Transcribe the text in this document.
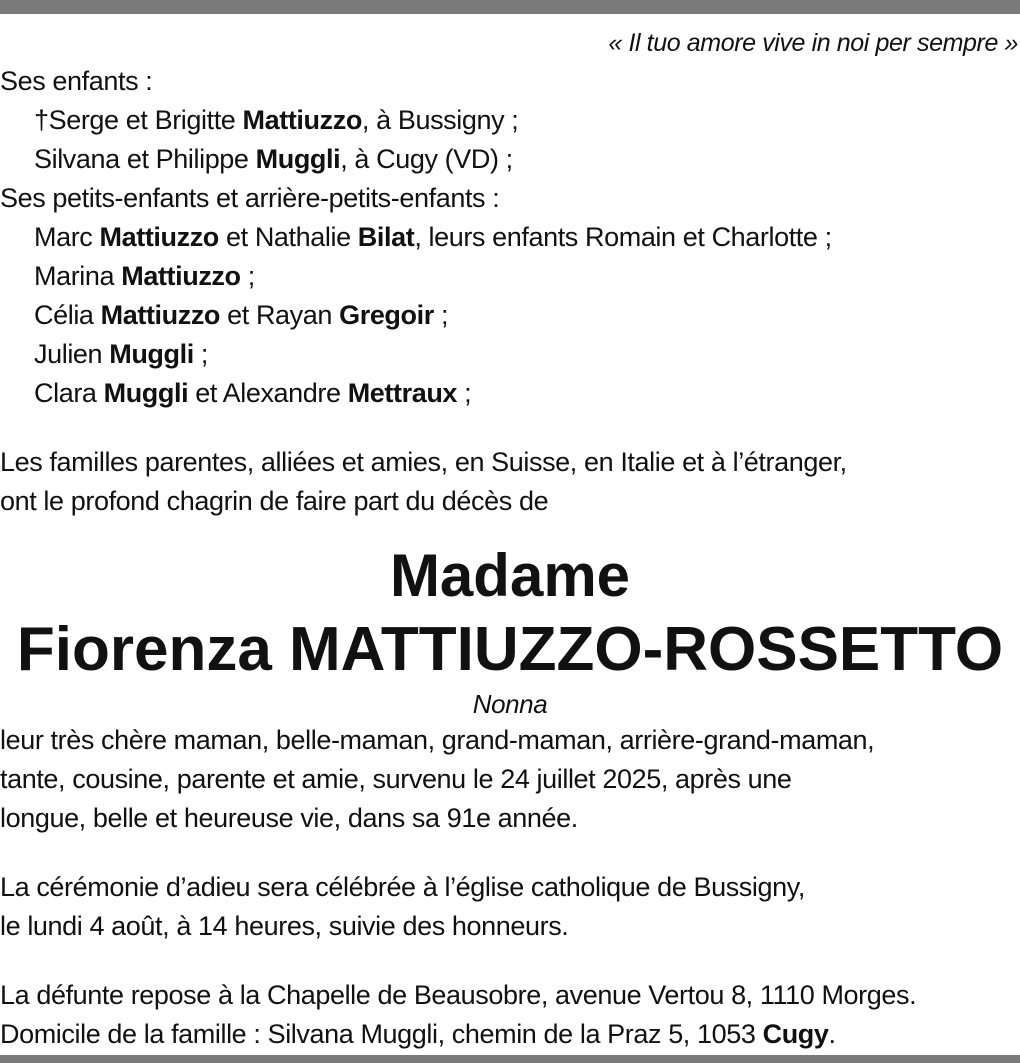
« Il tuo amore vive in noi per sempre »
Ses enfants :
†Serge et Brigitte Mattiuzzo, à Bussigny ;
Silvana et Philippe Muggli, à Cugy (VD) ;
Ses petits-enfants et arrière-petits-enfants :
Marc Mattiuzzo et Nathalie Bilat, leurs enfants Romain et Charlotte ;
Marina Mattiuzzo ;
Célia Mattiuzzo et Rayan Gregoir ;
Julien Muggli ;
Clara Muggli et Alexandre Mettraux ;
Les familles parentes, alliées et amies, en Suisse, en Italie et à l’étranger,
ont le profond chagrin de faire part du décès de
Madame
Fiorenza MATTIUZZO-ROSSETTO
Nonna
leur très chère maman, belle-maman, grand-maman, arrière-grand-maman,
tante, cousine, parente et amie, survenu le 24 juillet 2025, après une
longue, belle et heureuse vie, dans sa 91e année.
La cérémonie d’adieu sera célébrée à l’église catholique de Bussigny,
le lundi 4 août, à 14 heures, suivie des honneurs.
La défunte repose à la Chapelle de Beausobre, avenue Vertou 8, 1110 Morges.
Domicile de la famille : Silvana Muggli, chemin de la Praz 5, 1053 Cugy.
